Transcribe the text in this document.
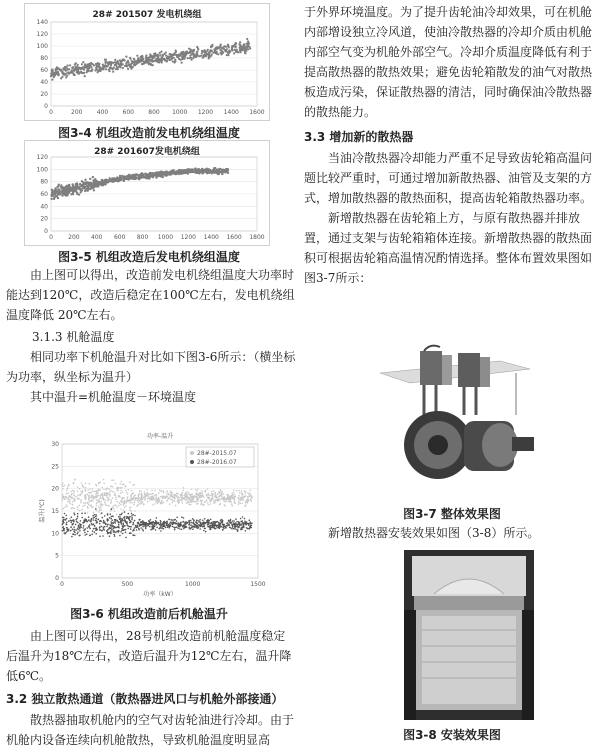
28# 201507 发电机绕组
0	200 400 600 800 1000 1200 1400 1600
0
20
40
60
80
100
120
140
图3-4 机组改造前发电机绕组温度
28# 201607发电机绕组
0	200 400 600 800 1000 1200 1400 1600 1800
0
20
40
60
80
100
120
图3-5 机组改造后发电机绕组温度

由上图可以得出，改造前发电机绕组温度大功率时能达到120℃，改造后稳定在100℃左右，发电机绕组温度降低 20℃左右。

3.1.3 机舱温度

相同功率下机舱温升对比如下图3-6所示：（横坐标为功率，纵坐标为温升）

其中温升=机舱温度－环境温度

0	500	1000	1500
0
5
10
15
20
25
30
功率-温升
功率（kW）
温升(℃)
28#-2015.07
28#-2016.07
图3-6 机组改造前后机舱温升

由上图可以得出，28号机组改造前机舱温度稳定后温升为18℃左右，改造后温升为12℃左右，温升降低6℃。

3.2 独立散热通道（散热器进风口与机舱外部接通）

散热器抽取机舱内的空气对齿轮油进行冷却。由于机舱内设备连续向机舱散热，导致机舱温度明显高

于外界环境温度。为了提升齿轮油冷却效果，可在机舱内部增设独立冷风道，使油冷散热器的冷却介质由机舱内部空气变为机舱外部空气。冷却介质温度降低有利于提高散热器的散热效果；避免齿轮箱散发的油气对散热板造成污染，保证散热器的清洁，同时确保油冷散热器的散热能力。

3.3 增加新的散热器

当油冷散热器冷却能力严重不足导致齿轮箱高温问题比较严重时，可通过增加新散热器、油管及支架的方式，增加散热器的散热面积，提高齿轮箱散热器功率。

新增散热器在齿轮箱上方，与原有散热器并排放置，通过支架与齿轮箱箱体连接。新增散热器的散热面积可根据齿轮箱高温情况酌情选择。整体布置效果图如图3-7所示：

图3-7 整体效果图

新增散热器安装效果如图（3-8）所示。

图3-8 安装效果图
